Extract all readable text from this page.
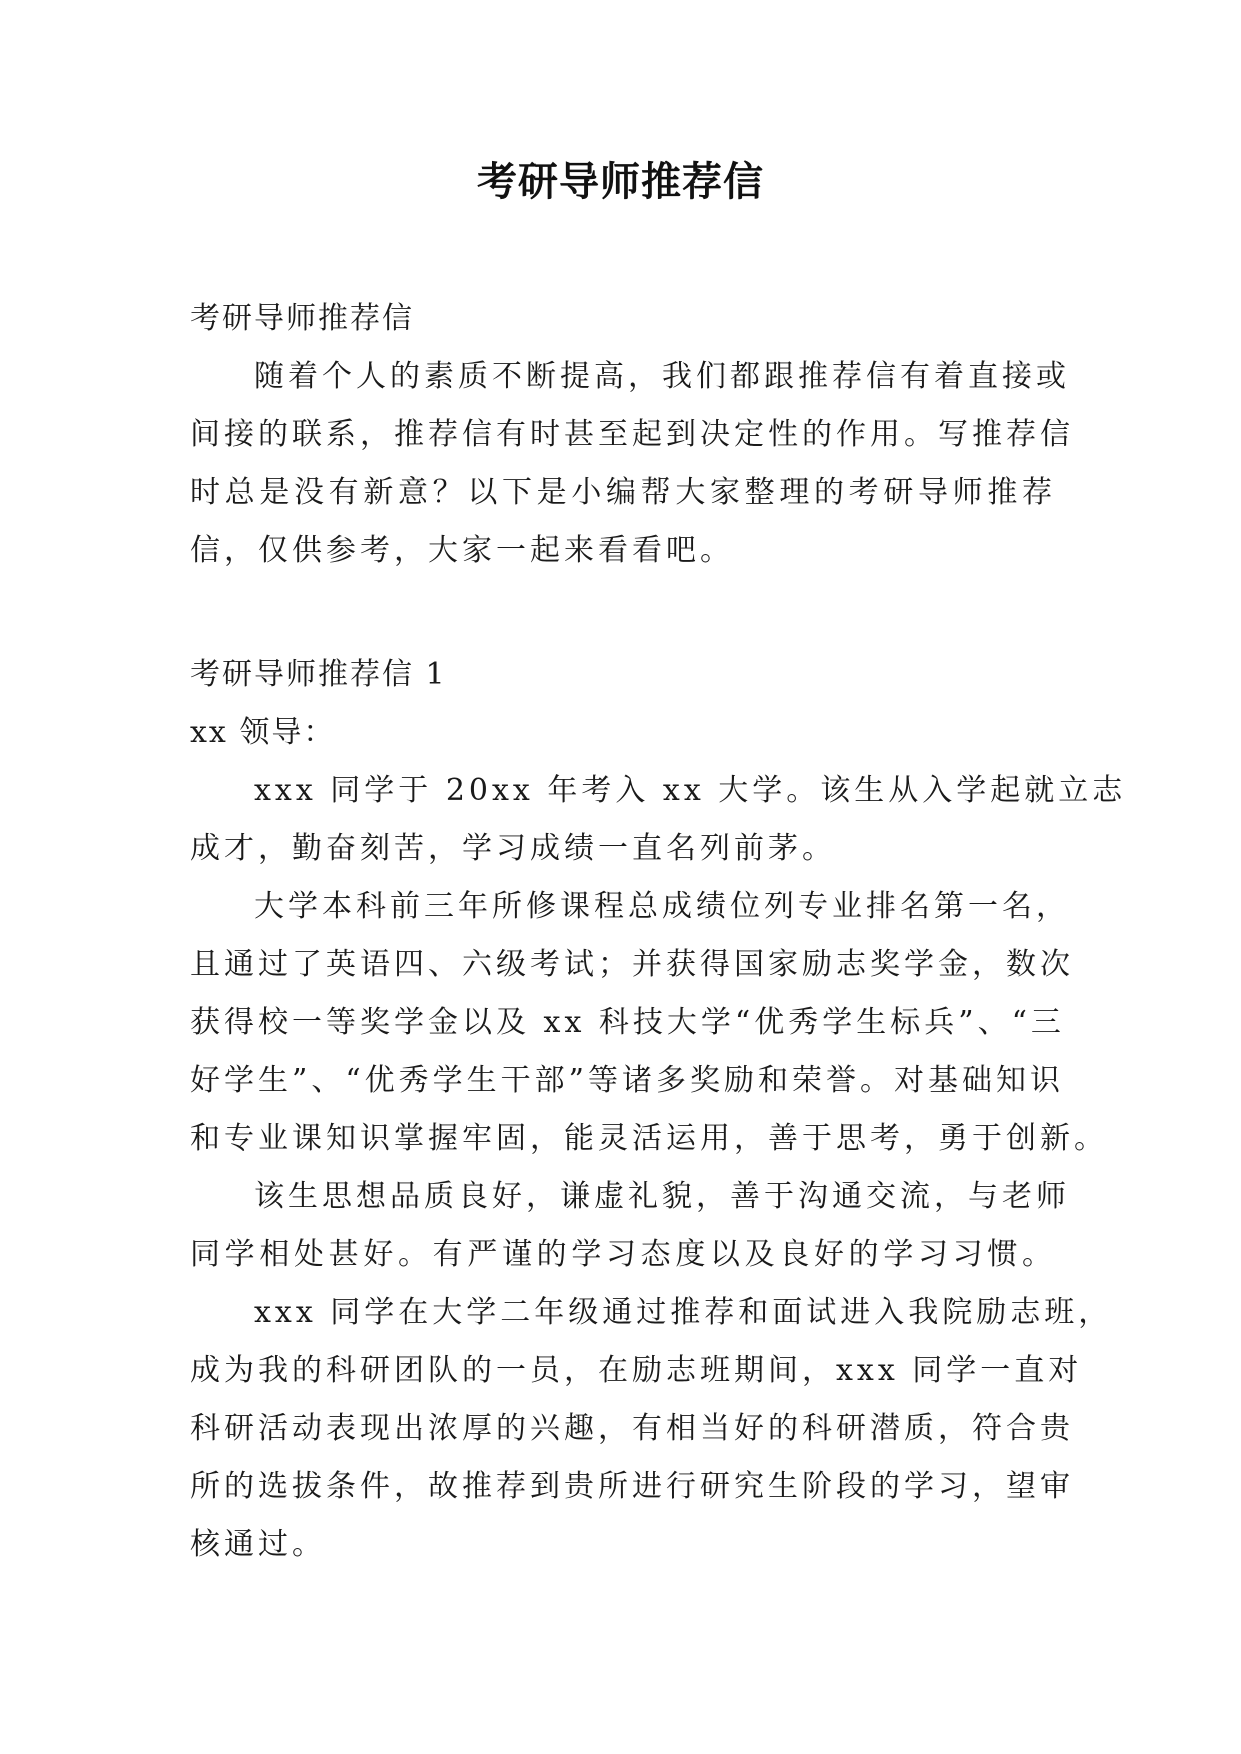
考研导师推荐信

考研导师推荐信

随着个人的素质不断提高，我们都跟推荐信有着直接或

间接的联系，推荐信有时甚至起到决定性的作用。写推荐信

时总是没有新意？以下是小编帮大家整理的考研导师推荐

信，仅供参考，大家一起来看看吧。

考研导师推荐信 1

xx 领导：

xxx 同学于 20xx 年考入 xx 大学。该生从入学起就立志

成才，勤奋刻苦，学习成绩一直名列前茅。

大学本科前三年所修课程总成绩位列专业排名第一名，

且通过了英语四、六级考试；并获得国家励志奖学金，数次

获得校一等奖学金以及 xx 科技大学“优秀学生标兵”、“三

好学生”、“优秀学生干部”等诸多奖励和荣誉。对基础知识

和专业课知识掌握牢固，能灵活运用，善于思考，勇于创新。

该生思想品质良好，谦虚礼貌，善于沟通交流，与老师

同学相处甚好。有严谨的学习态度以及良好的学习习惯。

xxx 同学在大学二年级通过推荐和面试进入我院励志班，

成为我的科研团队的一员，在励志班期间，xxx 同学一直对

科研活动表现出浓厚的兴趣，有相当好的科研潜质，符合贵

所的选拔条件，故推荐到贵所进行研究生阶段的学习，望审

核通过。
